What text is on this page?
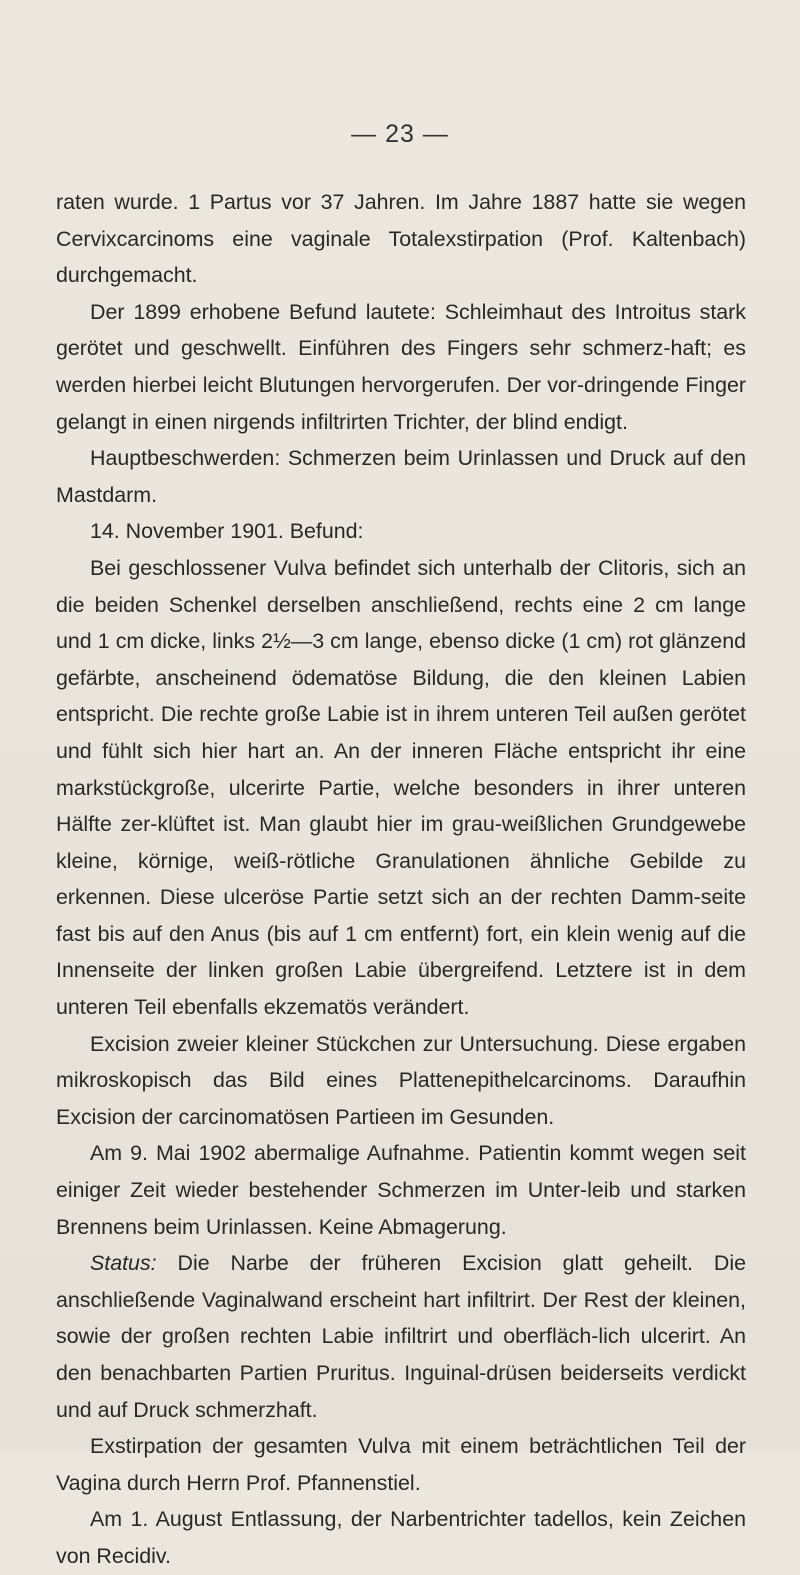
— 23 —

raten wurde. 1 Partus vor 37 Jahren. Im Jahre 1887 hatte sie wegen Cervixcarcinoms eine vaginale Totalexstirpation (Prof. Kaltenbach) durchgemacht.

Der 1899 erhobene Befund lautete: Schleimhaut des Introitus stark gerötet und geschwellt. Einführen des Fingers sehr schmerz-haft; es werden hierbei leicht Blutungen hervorgerufen. Der vor-dringende Finger gelangt in einen nirgends infiltrirten Trichter, der blind endigt.

Hauptbeschwerden: Schmerzen beim Urinlassen und Druck auf den Mastdarm.

14. November 1901. Befund:

Bei geschlossener Vulva befindet sich unterhalb der Clitoris, sich an die beiden Schenkel derselben anschließend, rechts eine 2 cm lange und 1 cm dicke, links 2½—3 cm lange, ebenso dicke (1 cm) rot glänzend gefärbte, anscheinend ödematöse Bildung, die den kleinen Labien entspricht. Die rechte große Labie ist in ihrem unteren Teil außen gerötet und fühlt sich hier hart an. An der inneren Fläche entspricht ihr eine markstückgroße, ulcerirte Partie, welche besonders in ihrer unteren Hälfte zer-klüftet ist. Man glaubt hier im grau-weißlichen Grundgewebe kleine, körnige, weiß-rötliche Granulationen ähnliche Gebilde zu erkennen. Diese ulceröse Partie setzt sich an der rechten Damm-seite fast bis auf den Anus (bis auf 1 cm entfernt) fort, ein klein wenig auf die Innenseite der linken großen Labie übergreifend. Letztere ist in dem unteren Teil ebenfalls ekzematös verändert.

Excision zweier kleiner Stückchen zur Untersuchung. Diese ergaben mikroskopisch das Bild eines Plattenepithelcarcinoms. Daraufhin Excision der carcinomatösen Partieen im Gesunden.

Am 9. Mai 1902 abermalige Aufnahme. Patientin kommt wegen seit einiger Zeit wieder bestehender Schmerzen im Unter-leib und starken Brennens beim Urinlassen. Keine Abmagerung.

Status: Die Narbe der früheren Excision glatt geheilt. Die anschließende Vaginalwand erscheint hart infiltrirt. Der Rest der kleinen, sowie der großen rechten Labie infiltrirt und oberfläch-lich ulcerirt. An den benachbarten Partien Pruritus. Inguinal-drüsen beiderseits verdickt und auf Druck schmerzhaft.

Exstirpation der gesamten Vulva mit einem beträchtlichen Teil der Vagina durch Herrn Prof. Pfannenstiel.

Am 1. August Entlassung, der Narbentrichter tadellos, kein Zeichen von Recidiv.
